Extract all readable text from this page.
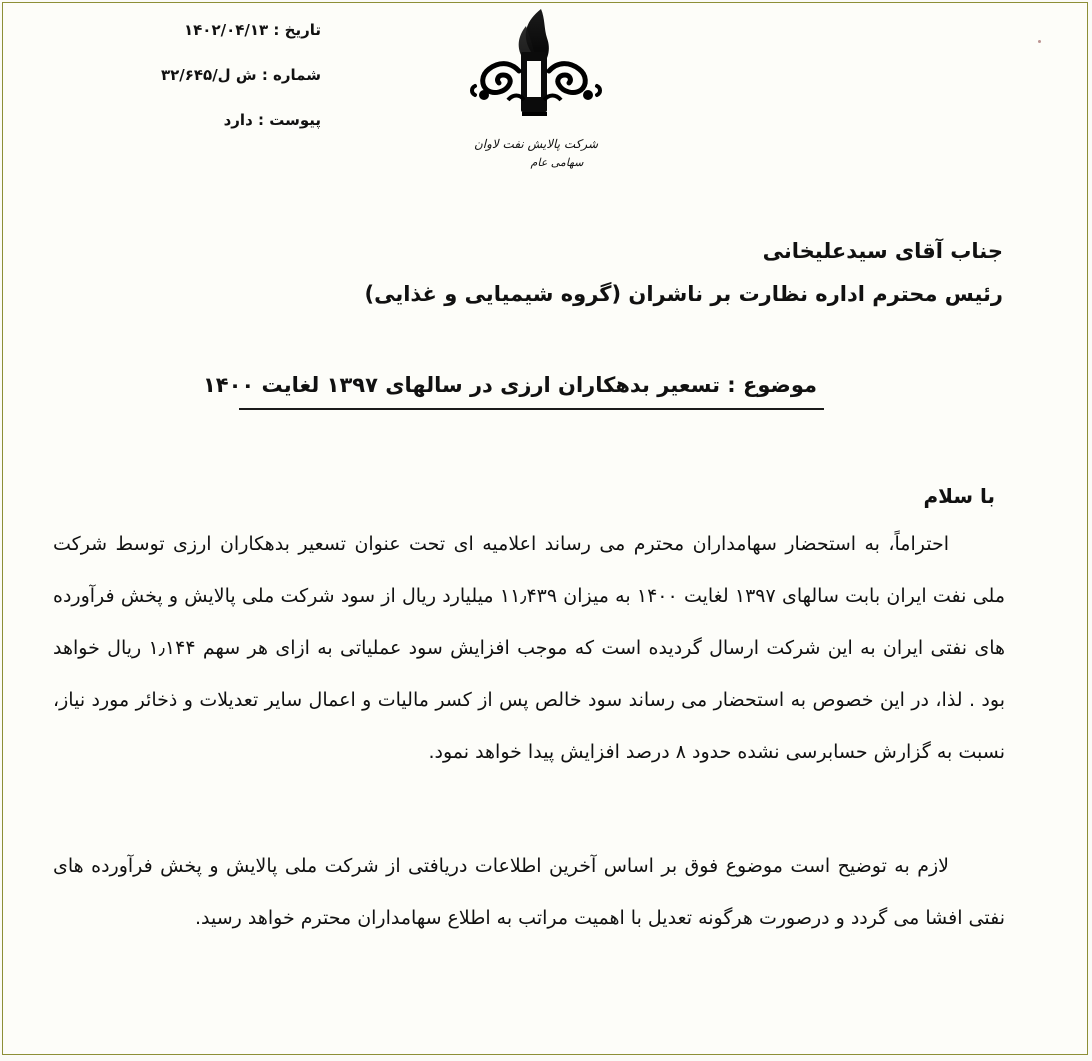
تاریخ : ۱۴۰۲/۰۴/۱۳
شماره : ش ل/۳۲/۶۴۵
پیوست : دارد
شرکت پالایش نفت لاوان
سهامی عام
جناب آقای سیدعلیخانی
رئیس محترم اداره نظارت بر ناشران (گروه شیمیایی و غذایی)
موضوع : تسعیر بدهکاران ارزی در سالهای ۱۳۹۷ لغایت ۱۴۰۰
با سلام
احتراماً، به استحضار سهامداران محترم می رساند اعلامیه ای تحت عنوان تسعیر بدهکاران ارزی توسط شرکت ملی نفت ایران بابت سالهای ۱۳۹۷ لغایت ۱۴۰۰ به میزان ۱۱٫۴۳۹ میلیارد ریال از سود شرکت ملی پالایش و پخش فرآورده های نفتی ایران به این شرکت ارسال گردیده است که موجب افزایش سود عملیاتی به ازای هر سهم ۱٫۱۴۴ ریال خواهد بود . لذا، در این خصوص به استحضار می رساند سود خالص پس از کسر مالیات و اعمال سایر تعدیلات و ذخائر مورد نیاز، نسبت به گزارش حسابرسی نشده حدود ۸ درصد افزایش پیدا خواهد نمود.
لازم به توضیح است موضوع فوق بر اساس آخرین اطلاعات دریافتی از شرکت ملی پالایش و پخش فرآورده های نفتی افشا می گردد و درصورت هرگونه تعدیل با اهمیت مراتب به اطلاع سهامداران محترم خواهد رسید.
